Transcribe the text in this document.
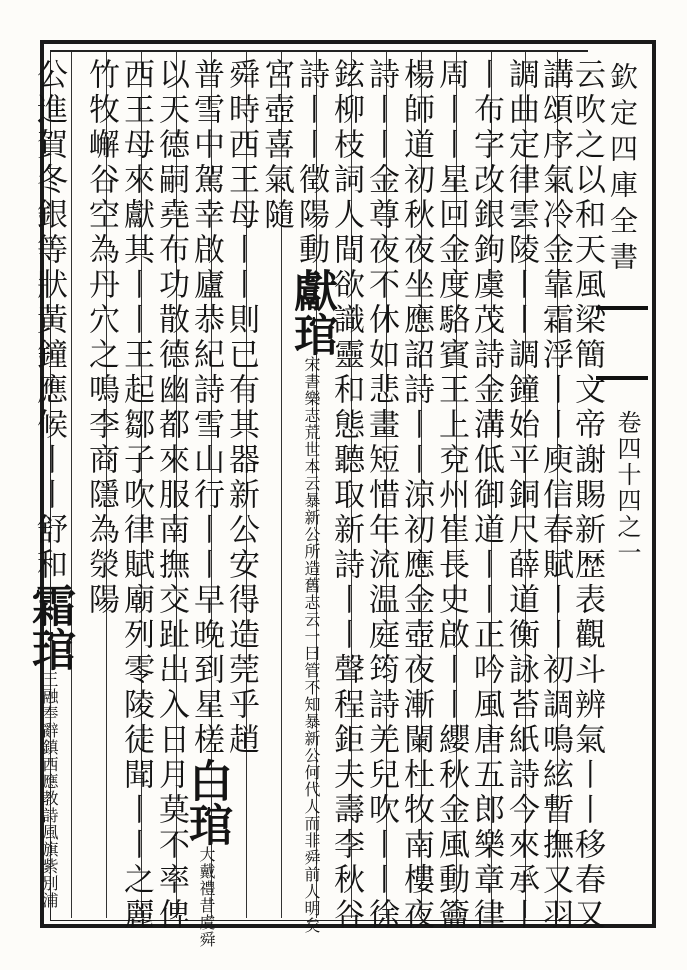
欽定四庫全書
卷四十四之一
云吹之以和天風梁簡文帝謝賜新歴表觀斗辨氣丨丨移春又
講頌序氣冷金靠霜浮丨丨庾信春賦丨丨初調鳴絃暫撫又羽
調曲定律雲陵丨丨調鐘始平銅尺薛道衡詠苔紙詩今來承丨
丨布字改銀鉤虞茂詩金溝低御道丨丨正吟風唐五郎樂章律
周丨丨星回金度駱賓王上兗州崔長史啟丨丨纓秋金風動籥
楊師道初秋夜坐應詔詩丨丨涼初應金壺夜漸闌杜牧南樓夜
詩丨丨金尊夜不休如悲畫短惜年流温庭筠詩羌兒吹丨丨徐
鉉柳枝詞人間欲識靈和態聽取新詩丨丨聲程鉅夫壽李秋谷
詩丨丨徵陽動獻琯宋書樂志荒世本云暴新公所造舊志云一曰管不知暴新公何代人而非舜前人明矣
宮壺喜氣隨
舜時西王母丨丨則已有其器新公安得造莞乎趙
普雪中駕幸啟廬恭紀詩雪山行丨丨早晚到星槎白琯大戴禮昔虞舜
以天德嗣堯布功散德幽都來服南撫交趾出入日月莫不率俾
西王母來獻其丨丨王起鄒子吹律賦廟列零陵徒聞丨丨之麗
竹牧嶰谷空為丹穴之鳴李商隱為滎陽
公進賀冬銀等狀黃鐘應候丨丨舒和霜琯王融奉辭鎮西應教詩風旗紫別浦
